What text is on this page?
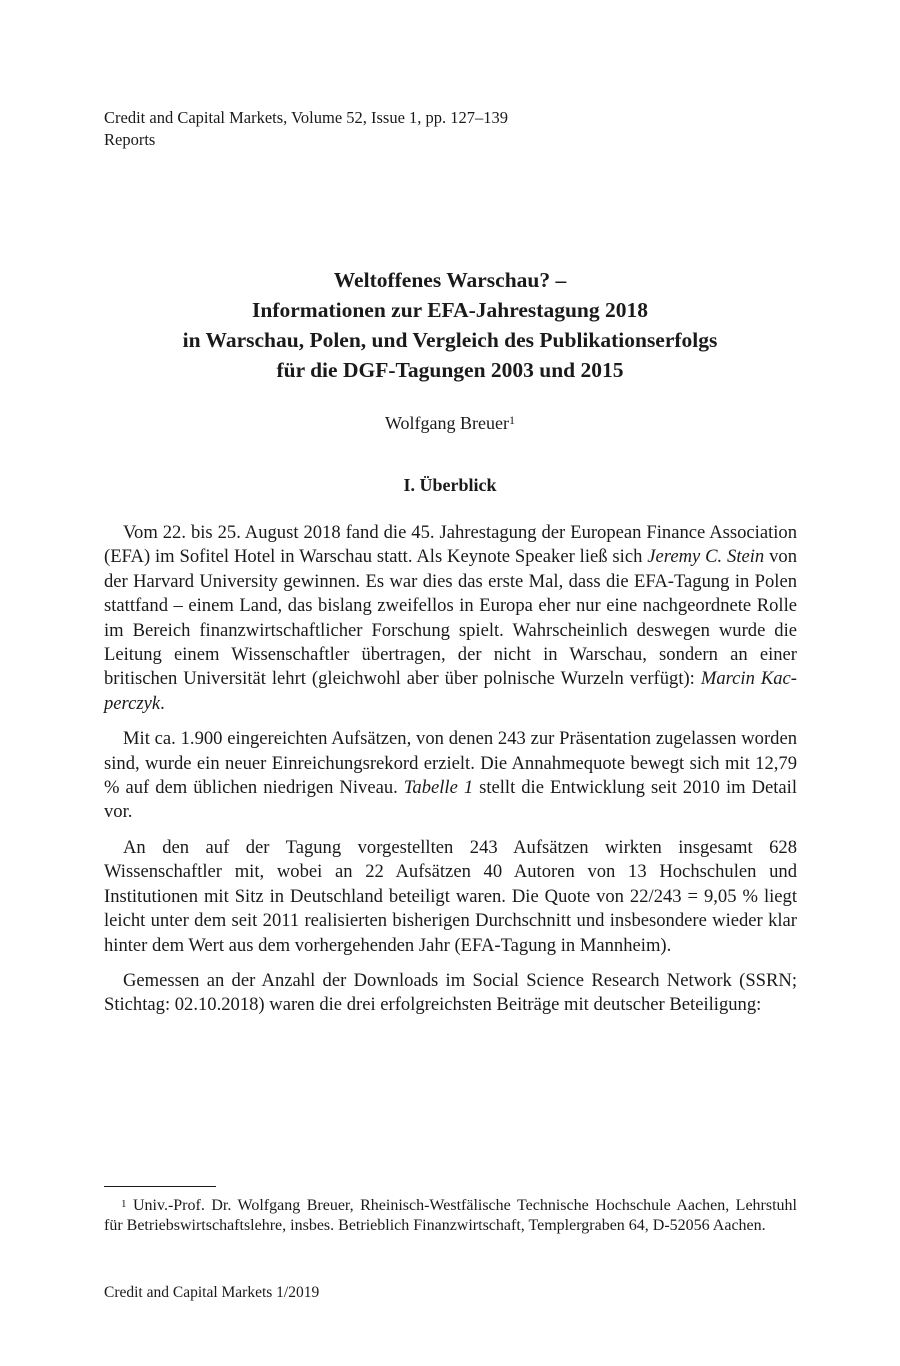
Credit and Capital Markets, Volume 52, Issue 1, pp. 127–139
Reports
Weltoffenes Warschau? –
Informationen zur EFA-Jahrestagung 2018
in Warschau, Polen, und Vergleich des Publikationserfolgs
für die DGF-Tagungen 2003 und 2015
Wolfgang Breuer$^1$
I. Überblick

Vom 22. bis 25. August 2018 fand die 45. Jahrestagung der European Finance Association (EFA) im Sofitel Hotel in Warschau statt. Als Keynote Speaker ließ sich Jeremy C. Stein von der Harvard University gewinnen. Es war dies das erste Mal, dass die EFA-Tagung in Polen stattfand – einem Land, das bislang zweifellos in Europa eher nur eine nachgeordnete Rolle im Bereich finanzwirtschaftlicher Forschung spielt. Wahrscheinlich deswegen wurde die Leitung einem Wissenschaftler übertragen, der nicht in Warschau, sondern an einer britischen Universität lehrt (gleichwohl aber über polnische Wurzeln verfügt): Marcin Kacperczyk.

Mit ca. 1.900 eingereichten Aufsätzen, von denen 243 zur Präsentation zugelassen worden sind, wurde ein neuer Einreichungsrekord erzielt. Die Annahmequote bewegt sich mit 12,79 % auf dem üblichen niedrigen Niveau. Tabelle 1 stellt die Entwicklung seit 2010 im Detail vor.

An den auf der Tagung vorgestellten 243 Aufsätzen wirkten insgesamt 628 Wissenschaftler mit, wobei an 22 Aufsätzen 40 Autoren von 13 Hochschulen und Institutionen mit Sitz in Deutschland beteiligt waren. Die Quote von 22/243 = 9,05 % liegt leicht unter dem seit 2011 realisierten bisherigen Durchschnitt und insbesondere wieder klar hinter dem Wert aus dem vorhergehenden Jahr (EFA-Tagung in Mannheim).

Gemessen an der Anzahl der Downloads im Social Science Research Network (SSRN; Stichtag: 02.10.2018) waren die drei erfolgreichsten Beiträge mit deutscher Beteiligung:

$^1$ Univ.-Prof. Dr. Wolfgang Breuer, Rheinisch-Westfälische Technische Hochschule Aachen, Lehrstuhl für Betriebswirtschaftslehre, insbes. Betrieblich Finanzwirtschaft, Templergraben 64, D-52056 Aachen.
Credit and Capital Markets 1/2019
